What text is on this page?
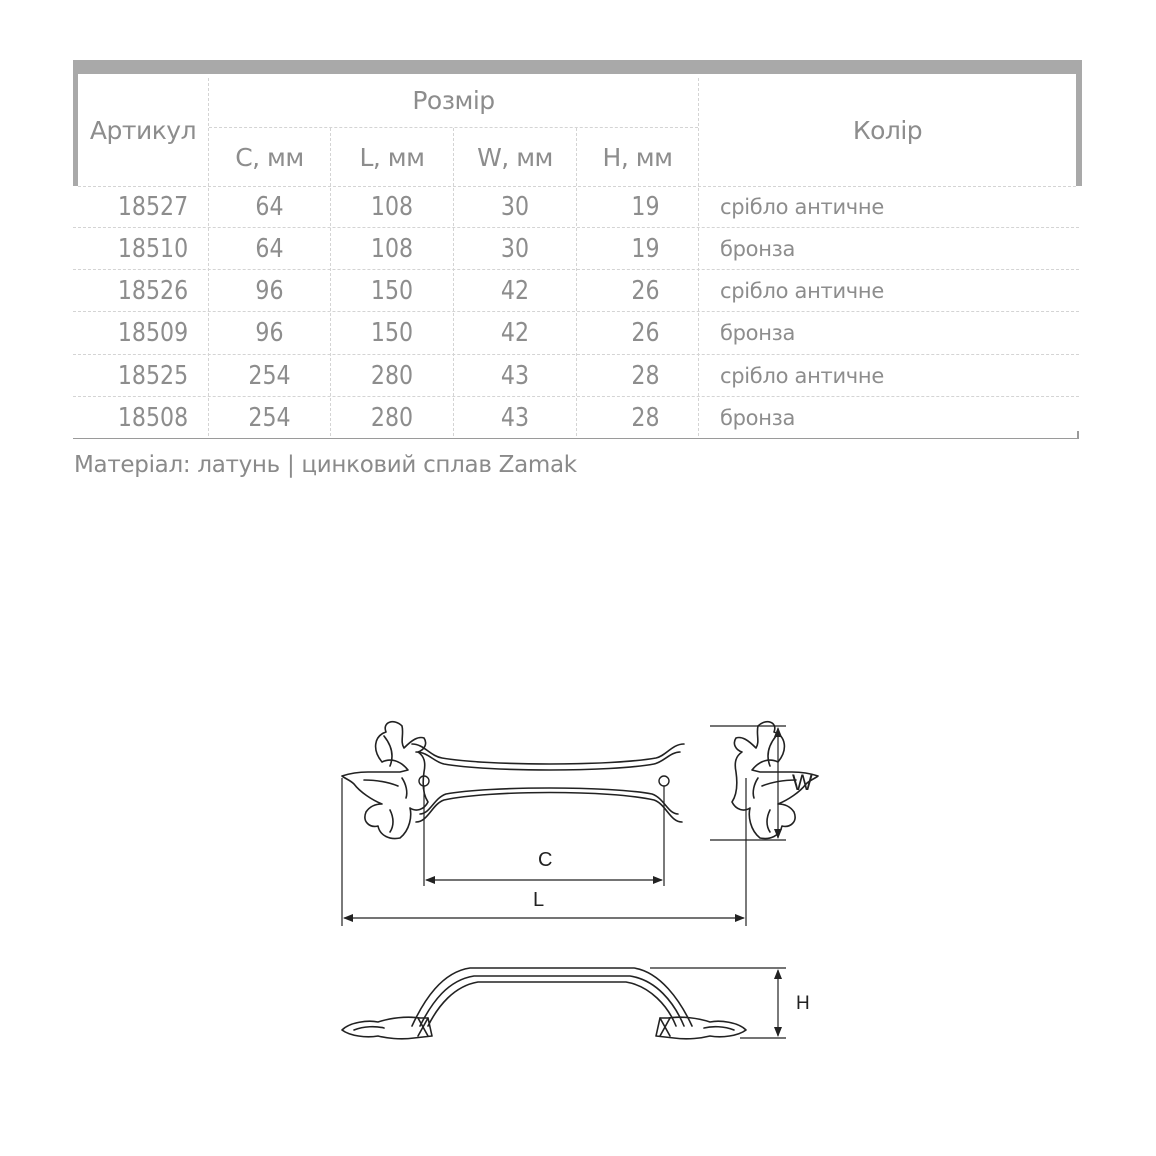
Артикул
Розмір
C, мм	L, мм	W, мм	H, мм
Колір
18527	64	108	30	19	срібло античне
18510	64	108	30	19	бронза
18526	96	150	42	26	срібло античне
18509	96	150	42	26	бронза
18525	254	280	43	28	срібло античне
18508	254	280	43	28	бронза
Матеріал: латунь | цинковий сплав Zamak
C
L
W
H
